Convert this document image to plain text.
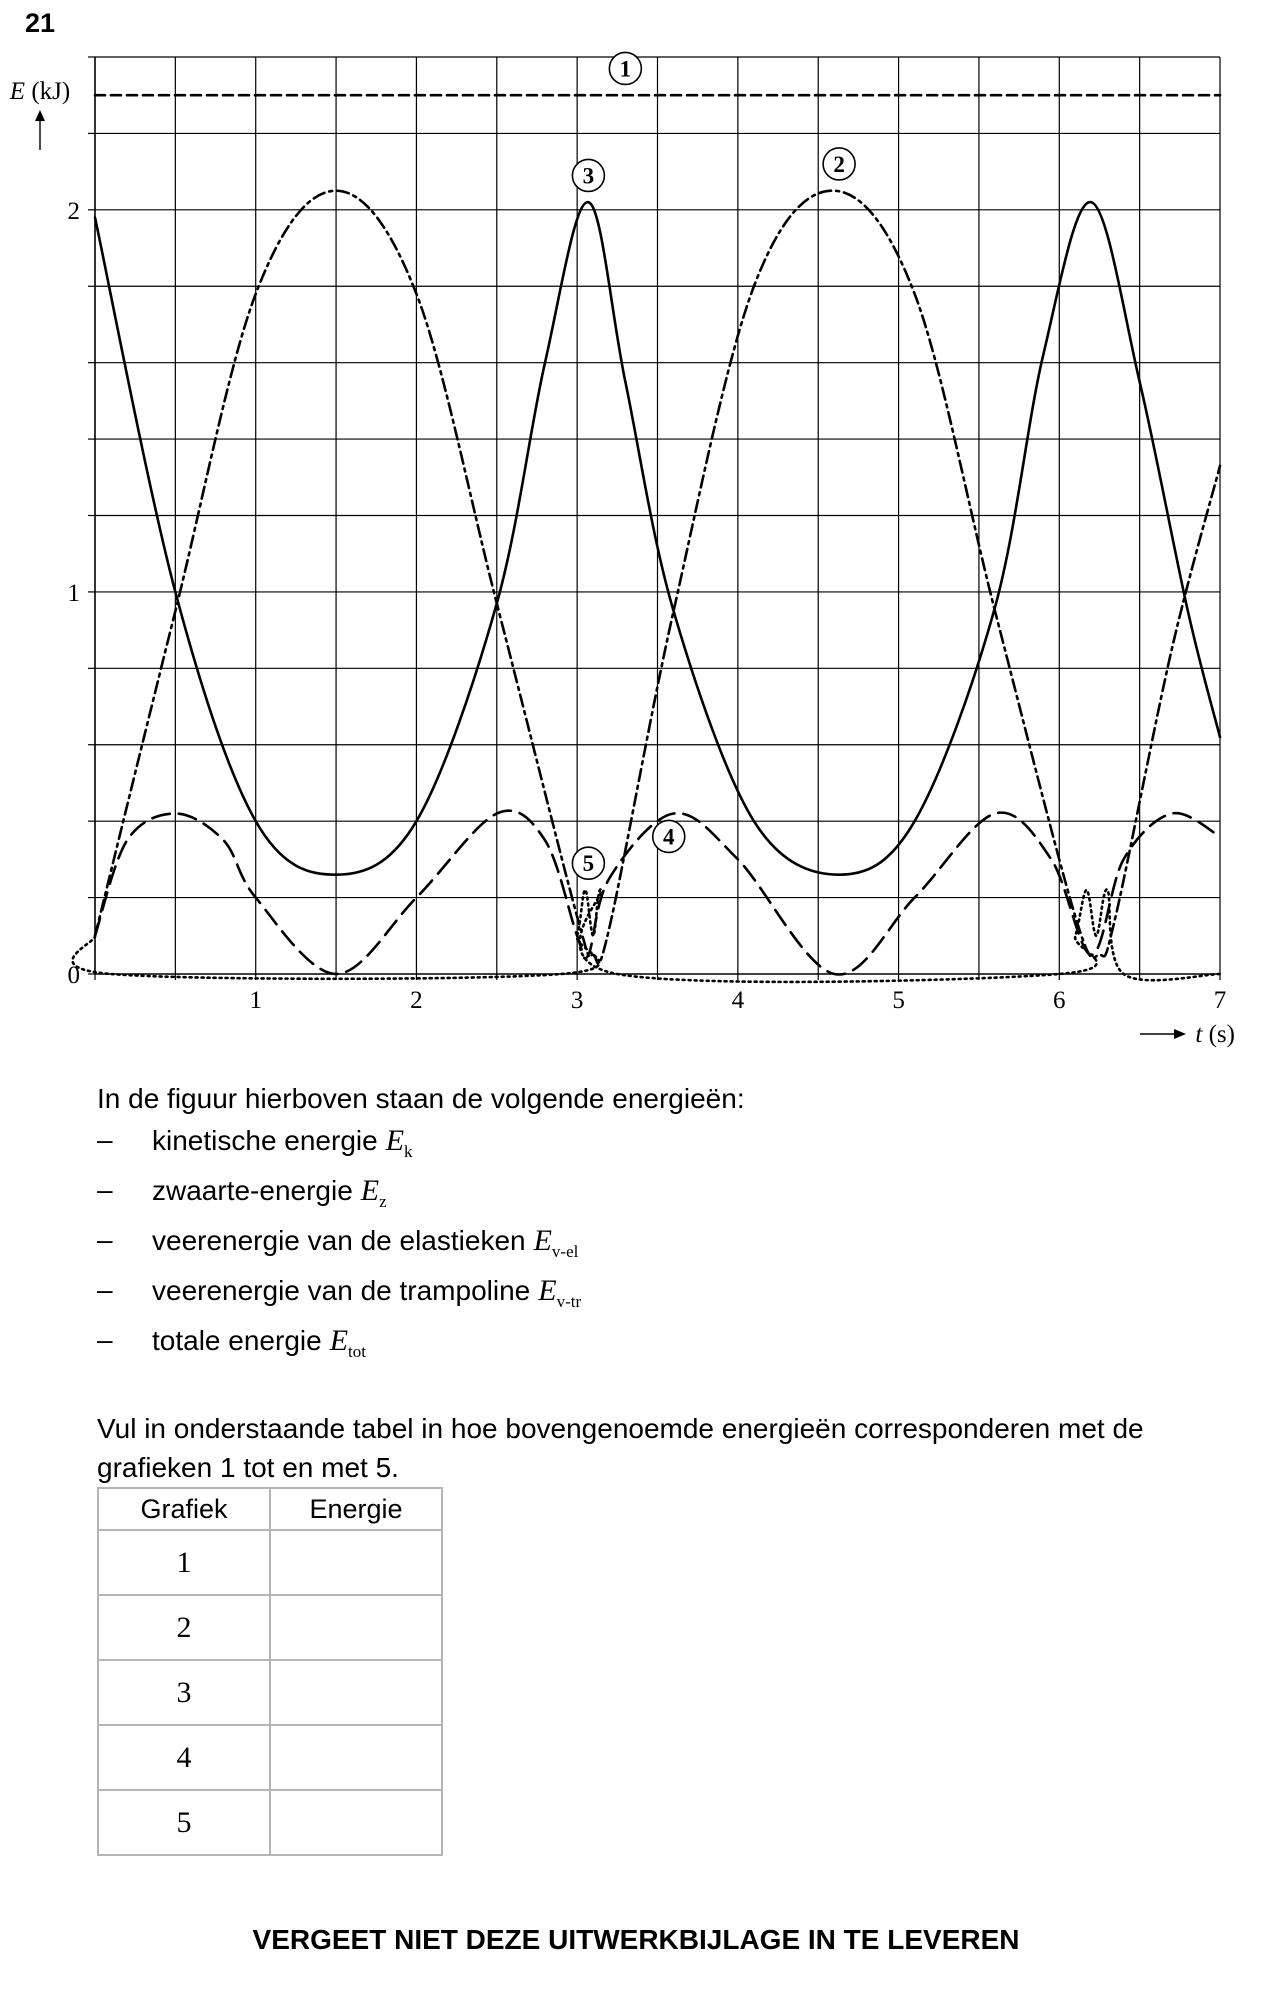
21
1	2	3	4	5	6	7
0
1
2
1
2
3
4
5
E (kJ)
t (s)
In de figuur hierboven staan de volgende energieën:
– kinetische energie $E_k$
– zwaarte-energie $E_z$
– veerenergie van de elastieken $E_{v-el}$
– veerenergie van de trampoline $E_{v-tr}$
– totale energie $E_{tot}$
Vul in onderstaande tabel in hoe bovengenoemde energieën corresponderen met de grafieken 1 tot en met 5.
Grafiek	Energie
1	
2	
3	
4	
5	
VERGEET NIET DEZE UITWERKBIJLAGE IN TE LEVEREN
